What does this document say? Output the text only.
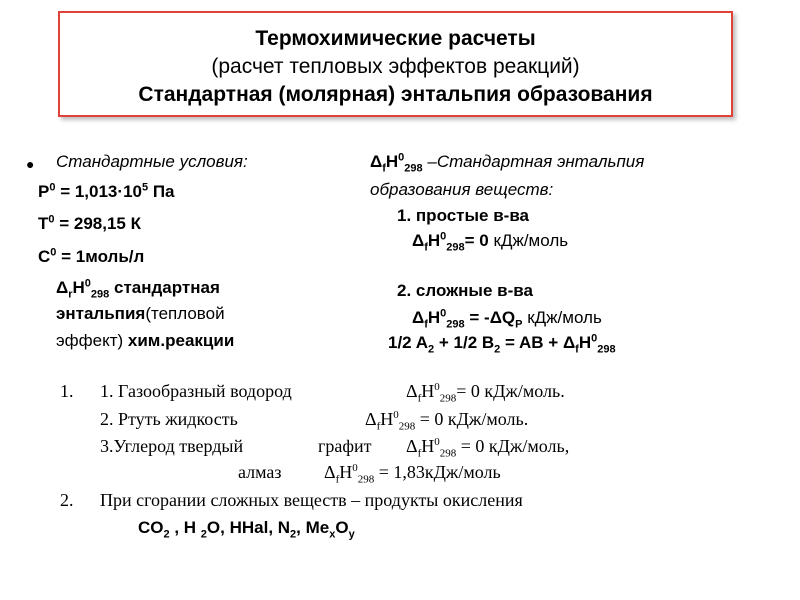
Термохимические расчеты
(расчет тепловых эффектов реакций)
Стандартная (молярная) энтальпия образования
● Стандартные условия:
$P^0 = 1,013\cdot 10^5$ Па
$T^0 = 298,15$ К
$С^0$ = 1моль/л
$\Delta_rH^0_{298}$ стандартная
энтальпия(тепловой
эффект) хим.реакции
$\Delta_fH^0_{298}$ –Стандартная энтальпия
образования веществ:
1. простые в-ва
$\Delta_fH^0_{298}= 0$ кДж/моль
2. сложные в-ва
$\Delta_fH^0_{298} = -\Delta Q_P$ кДж/моль
1/2 $A_2 + 1/2$ $B_2$ = AB + $\Delta_fH^0_{298}$
1. 1. Газообразный водород	$\Delta_fH^0_{298}= 0$ кДж/моль.
2. Ртуть жидкость	$\Delta_fH^0_{298} = 0$ кДж/моль.
3.Углерод твердый	графит $\Delta_fH^0_{298} = 0$ кДж/моль,
алмаз $\Delta_fH^0_{298}$ = 1,83кДж/моль
2. При сгорании сложных веществ – продукты окисления
$CO_2$ , H $_2$O, HHal, $N_2$, $Me_xO_y$
